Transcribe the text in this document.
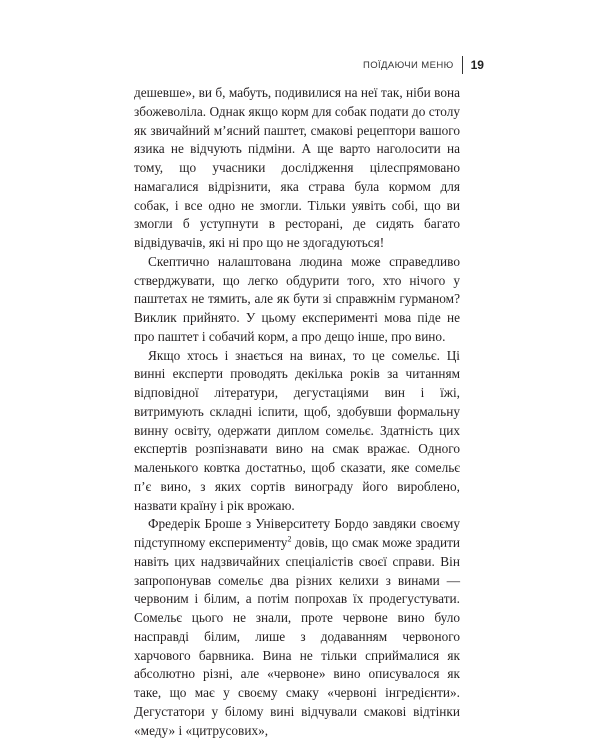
ПОЇДАЮЧИ МЕНЮ	19

дешевше», ви б, мабуть, подивилися на неї так, ніби вона збожеволіла. Однак якщо корм для собак подати до столу як звичайний м’ясний паштет, смакові рецептори вашого язика не відчують підміни. А ще варто наголосити на тому, що учасники дослідження цілеспрямовано намагалися відрізнити, яка страва була кормом для собак, і все одно не змогли. Тільки уявіть собі, що ви змогли б уступнути в ресторані, де сидять багато відвідувачів, які ні про що не здогадуються!

Скептично налаштована людина може справедливо стверджувати, що легко обдурити того, хто нічого у паштетах не тямить, але як бути зі справжнім гурманом? Виклик прийнято. У цьому експерименті мова піде не про паштет і собачий корм, а про дещо інше, про вино.

Якщо хтось і знається на винах, то це сомельє. Ці винні експерти проводять декілька років за читанням відповідної літератури, дегустаціями вин і їжі, витримують складні іспити, щоб, здобувши формальну винну освіту, одержати диплом сомельє. Здатність цих експертів розпізнавати вино на смак вражає. Одного маленького ковтка достатньо, щоб сказати, яке сомельє п’є вино, з яких сортів винограду його вироблено, назвати країну і рік врожаю.

Фредерік Броше з Університету Бордо завдяки своєму підступному експерименту$^2$ довів, що смак може зрадити навіть цих надзвичайних спеціалістів своєї справи. Він запропонував сомельє два різних келихи з винами — червоним і білим, а потім попрохав їх продегустувати. Сомельє цього не знали, проте червоне вино було насправді білим, лише з додаванням червоного харчового барвника. Вина не тільки сприймалися як абсолютно різні, але «червоне» вино описувалося як таке, що має у своєму смаку «червоні інгредієнти». Дегустатори у білому вині відчували смакові відтінки «меду» і «цитрусових»,
